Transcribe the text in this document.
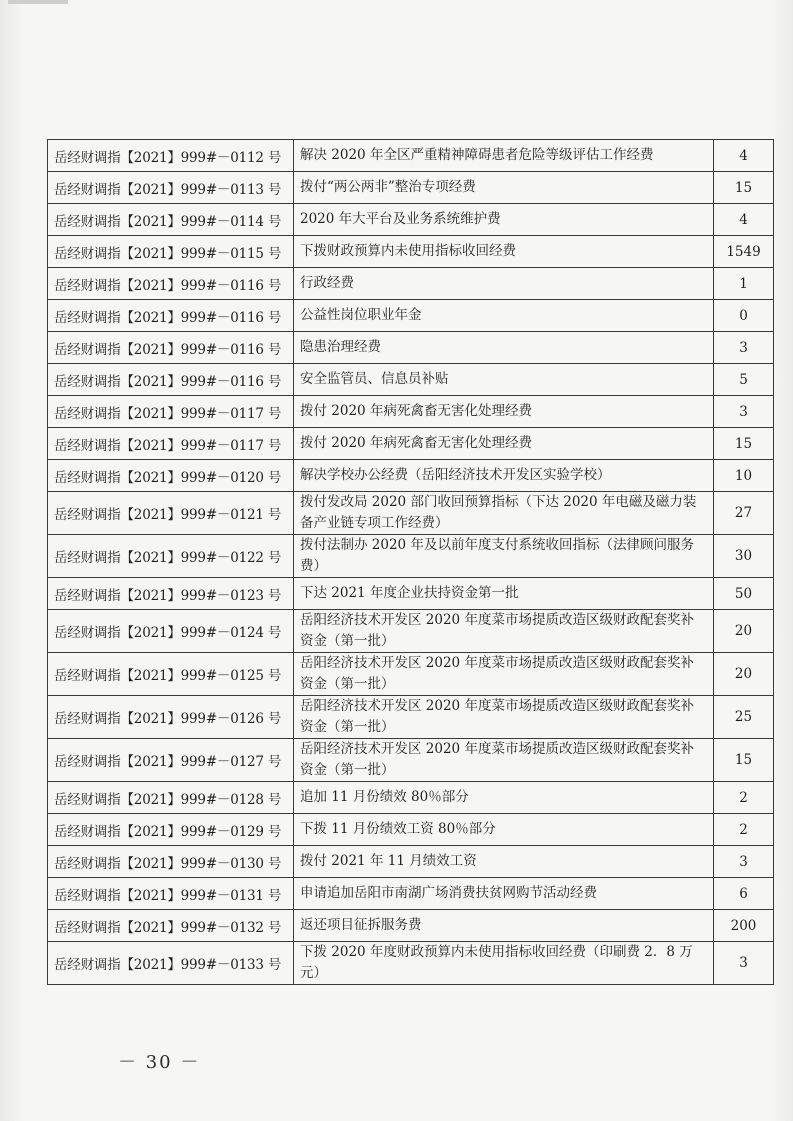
岳经财调指【2021】999#－0112 号	解决 2020 年全区严重精神障碍患者危险等级评估工作经费	4
岳经财调指【2021】999#－0113 号	拨付“两公两非”整治专项经费	15
岳经财调指【2021】999#－0114 号	2020 年大平台及业务系统维护费	4
岳经财调指【2021】999#－0115 号	下拨财政预算内未使用指标收回经费	1549
岳经财调指【2021】999#－0116 号	行政经费	1
岳经财调指【2021】999#－0116 号	公益性岗位职业年金	0
岳经财调指【2021】999#－0116 号	隐患治理经费	3
岳经财调指【2021】999#－0116 号	安全监管员、信息员补贴	5
岳经财调指【2021】999#－0117 号	拨付 2020 年病死禽畜无害化处理经费	3
岳经财调指【2021】999#－0117 号	拨付 2020 年病死禽畜无害化处理经费	15
岳经财调指【2021】999#－0120 号	解决学校办公经费（岳阳经济技术开发区实验学校）	10
岳经财调指【2021】999#－0121 号	拨付发改局 2020 部门收回预算指标（下达 2020 年电磁及磁力装备产业链专项工作经费）	27
岳经财调指【2021】999#－0122 号	拨付法制办 2020 年及以前年度支付系统收回指标（法律顾问服务费）	30
岳经财调指【2021】999#－0123 号	下达 2021 年度企业扶持资金第一批	50
岳经财调指【2021】999#－0124 号	岳阳经济技术开发区 2020 年度菜市场提质改造区级财政配套奖补资金（第一批）	20
岳经财调指【2021】999#－0125 号	岳阳经济技术开发区 2020 年度菜市场提质改造区级财政配套奖补资金（第一批）	20
岳经财调指【2021】999#－0126 号	岳阳经济技术开发区 2020 年度菜市场提质改造区级财政配套奖补资金（第一批）	25
岳经财调指【2021】999#－0127 号	岳阳经济技术开发区 2020 年度菜市场提质改造区级财政配套奖补资金（第一批）	15
岳经财调指【2021】999#－0128 号	追加 11 月份绩效 80％部分	2
岳经财调指【2021】999#－0129 号	下拨 11 月份绩效工资 80％部分	2
岳经财调指【2021】999#－0130 号	拨付 2021 年 11 月绩效工资	3
岳经财调指【2021】999#－0131 号	申请追加岳阳市南湖广场消费扶贫网购节活动经费	6
岳经财调指【2021】999#－0132 号	返还项目征拆服务费	200
岳经财调指【2021】999#－0133 号	下拨 2020 年度财政预算内未使用指标收回经费（印刷费 2．8 万元）	3
－ 30 －
